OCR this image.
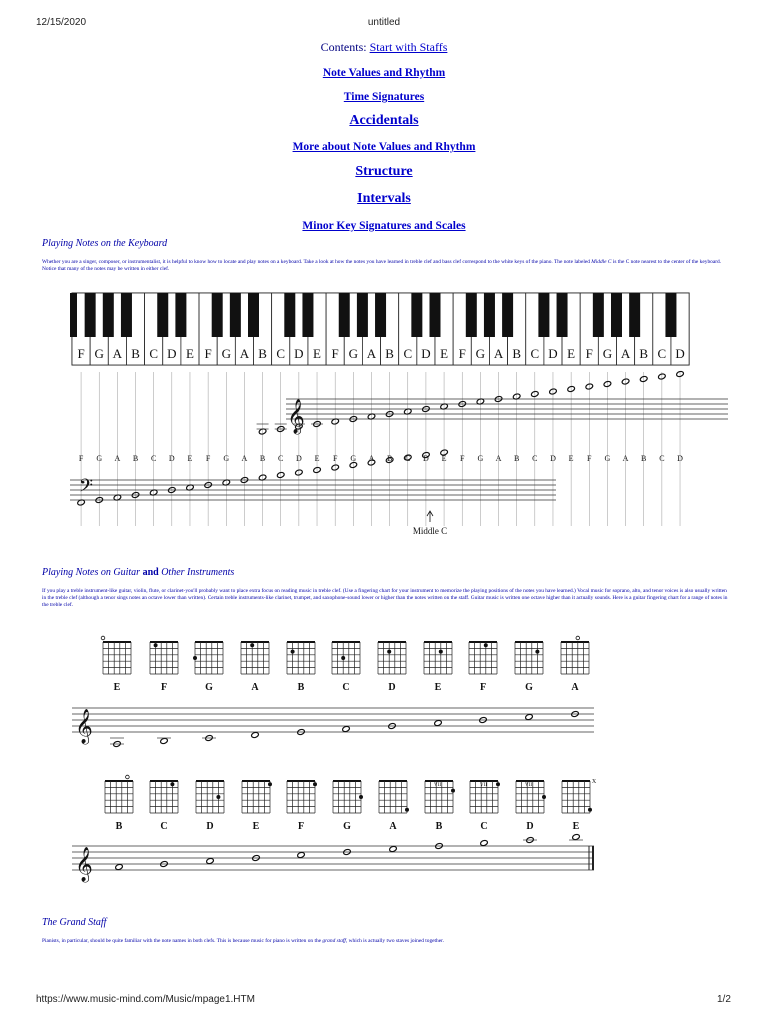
12/15/2020	untitled
Contents: Start with Staffs
Note Values and Rhythm
Time Signatures
Accidentals
More about Note Values and Rhythm
Structure
Intervals
Minor Key Signatures and Scales
Playing Notes on the Keyboard
Whether you are a singer, composer, or instrumentalist, it is helpful to know how to locate and play notes on a keyboard. Take a look at how the notes you have learned in treble clef and bass clef correspond to the white keys of the piano. The note labeled Middle C is the C note nearest to the center of the keyboard. Notice that many of the notes may be written in either clef.
F G A B C D E F G A B C D E F G A B C D E F G A B C D E F G A B C D
𝄞
𝄢
F G A B C D E F G A B C D E F G A B C D E F G A B C D E F G A B C D
Middle C
Playing Notes on Guitar and Other Instruments
If you play a treble instrument-like guitar, violin, flute, or clarinet-you'll probably want to place extra focus on reading music in treble clef. (Use a fingering chart for your instrument to memorize the playing positions of the notes you have learned.) Vocal music for soprano, alto, and tenor voices is also usually written in the treble clef (although a tenor sings notes an octave lower than written). Certain treble instruments-like clarinet, trumpet, and saxophone-sound lower or higher than the notes written on the staff. Guitar music is written one octave higher than it actually sounds. Here is a guitar fingering chart for a range of notes in the treble clef.
E	F	G	A	B	C	D	E	F	G	A
𝄞
B	C	D	E	F	G	A	B	C	D	E
VII	VII	VII
X
𝄞
The Grand Staff
Pianists, in particular, should be quite familiar with the note names in both clefs. This is because music for piano is written on the grand staff, which is actually two staves joined together.
https://www.music-mind.com/Music/mpage1.HTM	1/2
